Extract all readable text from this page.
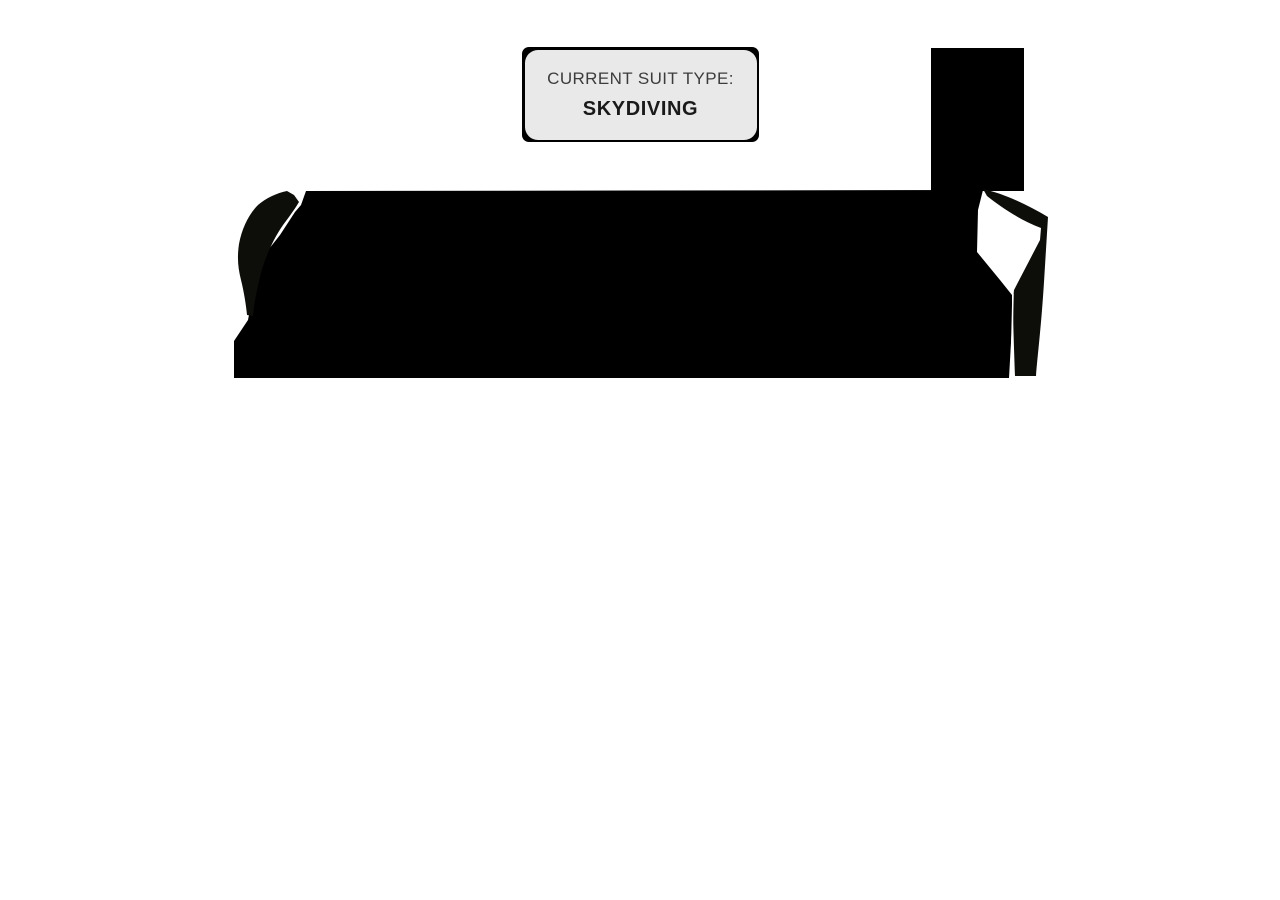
CURRENT SUIT TYPE:
SKYDIVING
